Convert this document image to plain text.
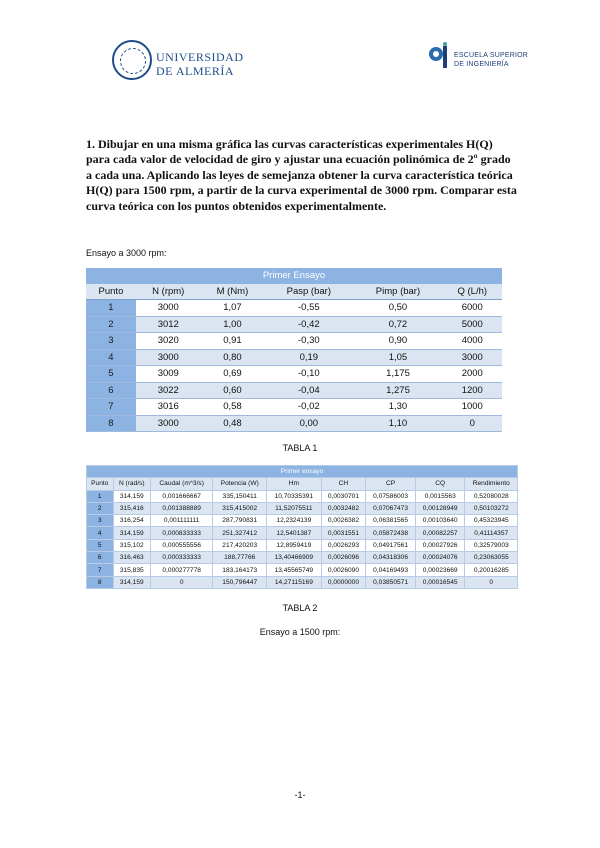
UNIVERSIDAD
DE ALMERÍA
ESCUELA SUPERIOR
DE INGENIERÍA
1. Dibujar en una misma gráfica las curvas características experimentales H(Q) para cada valor de velocidad de giro y ajustar una ecuación polinómica de 2º grado a cada una. Aplicando las leyes de semejanza obtener la curva característica teórica H(Q) para 1500 rpm, a partir de la curva experimental de 3000 rpm. Comparar esta curva teórica con los puntos obtenidos experimentalmente.
Ensayo a 3000 rpm:
Primer Ensayo					
Punto	N (rpm)	M (Nm)	Pasp (bar)	Pimp (bar)	Q (L/h)
1	3000	1,07	-0,55	0,50	6000
2	3012	1,00	-0,42	0,72	5000
3	3020	0,91	-0,30	0,90	4000
4	3000	0,80	0,19	1,05	3000
5	3009	0,69	-0,10	1,175	2000
6	3022	0,60	-0,04	1,275	1200
7	3016	0,58	-0,02	1,30	1000
8	3000	0,48	0,00	1,10	0
TABLA 1
Primer ensayo								
Punto	N (rad/s)	Caudal (m^3/s)	Potencia (W)	Hm	CH	CP	CQ	Rendimiento
1	314,159	0,001666667	335,150411	10,70335391	0,0030701	0,07586003	0,0015563	0,52080028
2	315,416	0,001388889	315,415002	11,52075511	0,0032482	0,07067473	0,00128949	0,50103272
3	316,254	0,001111111	287,790831	12,2324139	0,0026382	0,06381565	0,00103640	0,45323945
4	314,159	0,000833333	251,327412	12,5401387	0,0031551	0,05872438	0,00082257	0,41114357
5	315,102	0,000555556	217,420203	12,8959419	0,0026293	0,04917561	0,00027926	0,32579003
6	316,463	0,000333333	188,77766	13,40466909	0,0026096	0,04318306	0,00024076	0,23063055
7	315,835	0,000277778	183,164173	13,45565749	0,0026090	0,04169493	0,00023669	0,20016285
8	314,159	0	150,796447	14,27115169	0,0000000	0,03850571	0,00016545	0
TABLA 2
Ensayo a 1500 rpm:
-1-
